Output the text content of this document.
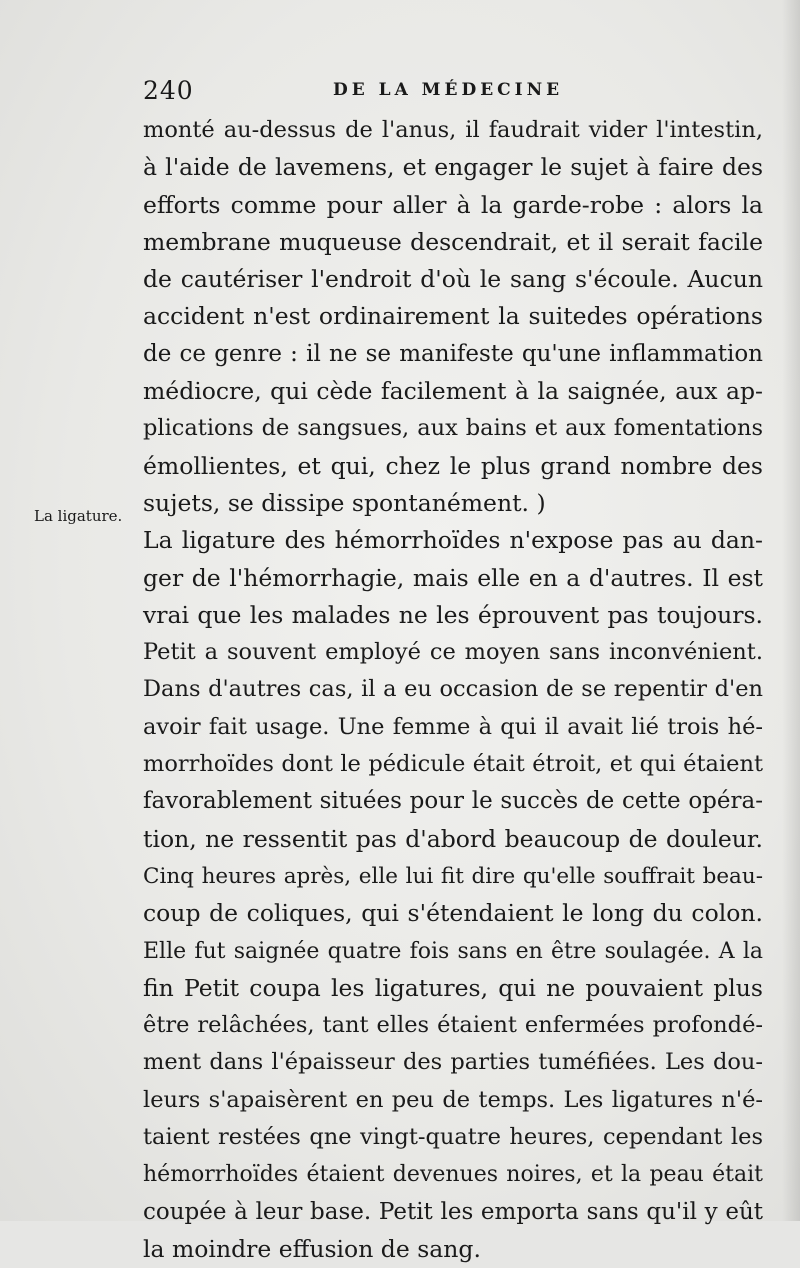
240	DE LA MÉDECINE
La ligature.
monté au-dessus de l'anus, il faudrait vider l'intestin,
à l'aide de lavemens, et engager le sujet à faire des
efforts comme pour aller à la garde-robe : alors la
membrane muqueuse descendrait, et il serait facile
de cautériser l'endroit d'où le sang s'écoule. Aucun
accident n'est ordinairement la suitedes opérations
de ce genre : il ne se manifeste qu'une inflammation
médiocre, qui cède facilement à la saignée, aux ap-
plications de sangsues, aux bains et aux fomentations
émollientes, et qui, chez le plus grand nombre des
sujets, se dissipe spontanément. )
La ligature des hémorrhoïdes n'expose pas au dan-
ger de l'hémorrhagie, mais elle en a d'autres. Il est
vrai que les malades ne les éprouvent pas toujours.
Petit a souvent employé ce moyen sans inconvénient.
Dans d'autres cas, il a eu occasion de se repentir d'en
avoir fait usage. Une femme à qui il avait lié trois hé-
morrhoïdes dont le pédicule était étroit, et qui étaient
favorablement situées pour le succès de cette opéra-
tion, ne ressentit pas d'abord beaucoup de douleur.
Cinq heures après, elle lui fit dire qu'elle souffrait beau-
coup de coliques, qui s'étendaient le long du colon.
Elle fut saignée quatre fois sans en être soulagée. A la
fin Petit coupa les ligatures, qui ne pouvaient plus
être relâchées, tant elles étaient enfermées profondé-
ment dans l'épaisseur des parties tuméfiées. Les dou-
leurs s'apaisèrent en peu de temps. Les ligatures n'é-
taient restées qne vingt-quatre heures, cependant les
hémorrhoïdes étaient devenues noires, et la peau était
coupée à leur base. Petit les emporta sans qu'il y eût
la moindre effusion de sang.
